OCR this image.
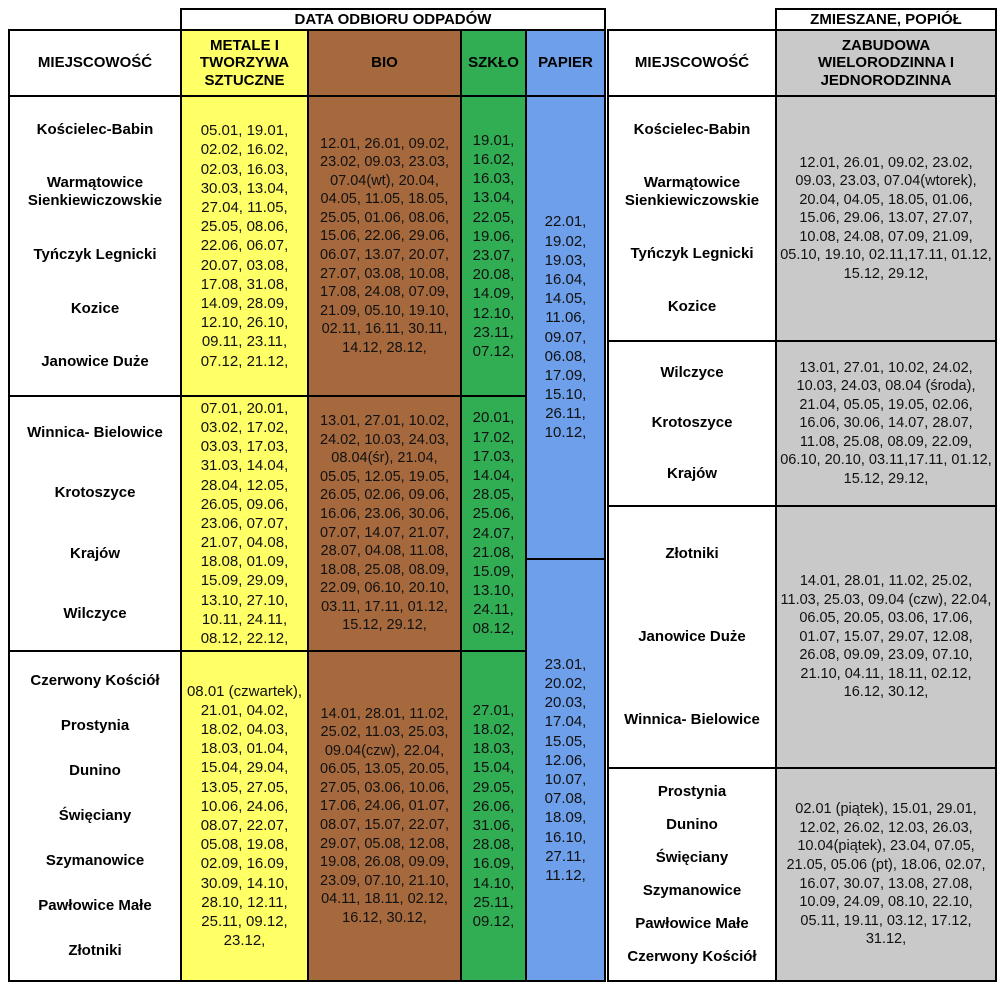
DATA ODBIORU ODPADÓW
MIEJSCOWOŚĆ
METALE I TWORZYWA SZTUCZNE
BIO	SZKŁO	PAPIER
Kościelec-Babin
Warmątowice Sienkiewiczowskie
Tyńczyk Legnicki
Kozice
Janowice Duże
05.01, 19.01, 02.02, 16.02, 02.03, 16.03, 30.03, 13.04, 27.04, 11.05, 25.05, 08.06, 22.06, 06.07, 20.07, 03.08, 17.08, 31.08, 14.09, 28.09, 12.10, 26.10, 09.11, 23.11, 07.12, 21.12,
12.01, 26.01, 09.02, 23.02, 09.03, 23.03, 07.04(wt), 20.04, 04.05, 11.05, 18.05, 25.05, 01.06, 08.06, 15.06, 22.06, 29.06, 06.07, 13.07, 20.07, 27.07, 03.08, 10.08, 17.08, 24.08, 07.09, 21.09, 05.10, 19.10, 02.11, 16.11, 30.11, 14.12, 28.12,
19.01, 16.02, 16.03, 13.04, 22.05, 19.06, 23.07, 20.08, 14.09, 12.10, 23.11, 07.12,
22.01, 19.02, 19.03, 16.04, 14.05, 11.06, 09.07, 06.08, 17.09, 15.10, 26.11, 10.12,
Winnica- Bielowice
Krotoszyce
Krajów
Wilczyce
07.01, 20.01, 03.02, 17.02, 03.03, 17.03, 31.03, 14.04, 28.04, 12.05, 26.05, 09.06, 23.06, 07.07, 21.07, 04.08, 18.08, 01.09, 15.09, 29.09, 13.10, 27.10, 10.11, 24.11, 08.12, 22.12,
13.01, 27.01, 10.02, 24.02, 10.03, 24.03, 08.04(śr), 21.04, 05.05, 12.05, 19.05, 26.05, 02.06, 09.06, 16.06, 23.06, 30.06, 07.07, 14.07, 21.07, 28.07, 04.08, 11.08, 18.08, 25.08, 08.09, 22.09, 06.10, 20.10, 03.11, 17.11, 01.12, 15.12, 29.12,
20.01, 17.02, 17.03, 14.04, 28.05, 25.06, 24.07, 21.08, 15.09, 13.10, 24.11, 08.12,
Czerwony Kościół
Prostynia
Dunino
Święciany
Szymanowice
Pawłowice Małe
Złotniki
08.01 (czwartek), 21.01, 04.02, 18.02, 04.03, 18.03, 01.04, 15.04, 29.04, 13.05, 27.05, 10.06, 24.06, 08.07, 22.07, 05.08, 19.08, 02.09, 16.09, 30.09, 14.10, 28.10, 12.11, 25.11, 09.12, 23.12,
14.01, 28.01, 11.02, 25.02, 11.03, 25.03, 09.04(czw), 22.04, 06.05, 13.05, 20.05, 27.05, 03.06, 10.06, 17.06, 24.06, 01.07, 08.07, 15.07, 22.07, 29.07, 05.08, 12.08, 19.08, 26.08, 09.09, 23.09, 07.10, 21.10, 04.11, 18.11, 02.12, 16.12, 30.12,
27.01, 18.02, 18.03, 15.04, 29.05, 26.06, 31.06, 28.08, 16.09, 14.10, 25.11, 09.12,
23.01, 20.02, 20.03, 17.04, 15.05, 12.06, 10.07, 07.08, 18.09, 16.10, 27.11, 11.12,
ZMIESZANE, POPIÓŁ
MIEJSCOWOŚĆ
ZABUDOWA WIELORODZINNA I JEDNORODZINNA
Kościelec-Babin
Warmątowice Sienkiewiczowskie
Tyńczyk Legnicki
Kozice
12.01, 26.01, 09.02, 23.02, 09.03, 23.03, 07.04(wtorek), 20.04, 04.05, 18.05, 01.06, 15.06, 29.06, 13.07, 27.07, 10.08, 24.08, 07.09, 21.09, 05.10, 19.10, 02.11,17.11, 01.12, 15.12, 29.12,
Wilczyce
Krotoszyce
Krajów
13.01, 27.01, 10.02, 24.02, 10.03, 24.03, 08.04 (środa), 21.04, 05.05, 19.05, 02.06, 16.06, 30.06, 14.07, 28.07, 11.08, 25.08, 08.09, 22.09, 06.10, 20.10, 03.11,17.11, 01.12, 15.12, 29.12,
Złotniki
Janowice Duże
Winnica- Bielowice
14.01, 28.01, 11.02, 25.02, 11.03, 25.03, 09.04 (czw), 22.04, 06.05, 20.05, 03.06, 17.06, 01.07, 15.07, 29.07, 12.08, 26.08, 09.09, 23.09, 07.10, 21.10, 04.11, 18.11, 02.12, 16.12, 30.12,
Prostynia
Dunino
Święciany
Szymanowice
Pawłowice Małe
Czerwony Kościół
02.01 (piątek), 15.01, 29.01, 12.02, 26.02, 12.03, 26.03, 10.04(piątek), 23.04, 07.05, 21.05, 05.06 (pt), 18.06, 02.07, 16.07, 30.07, 13.08, 27.08, 10.09, 24.09, 08.10, 22.10, 05.11, 19.11, 03.12, 17.12, 31.12,
